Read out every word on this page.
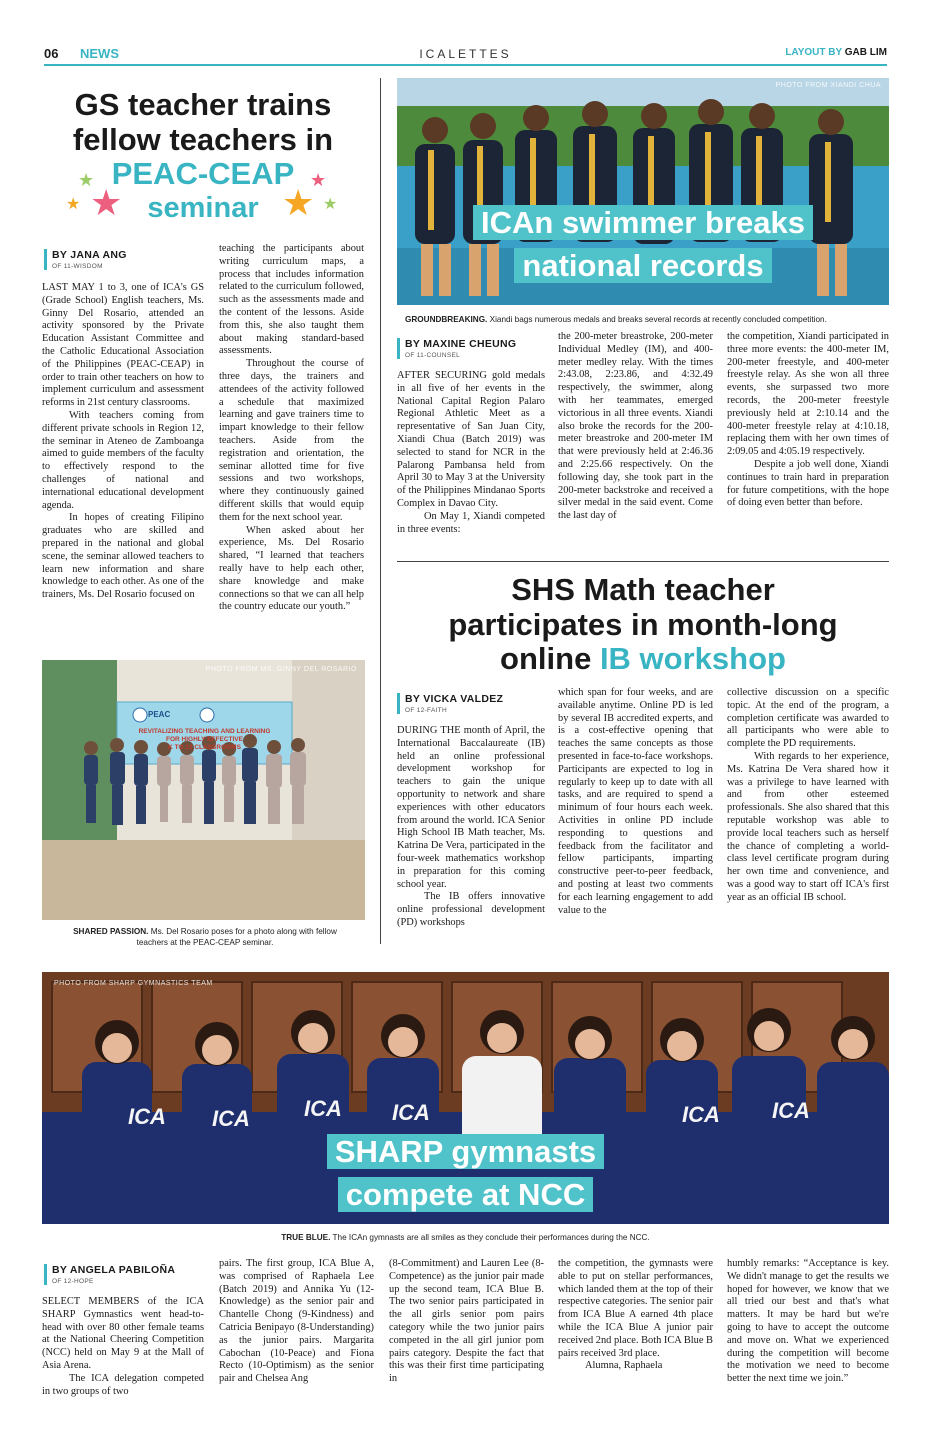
06 NEWS	ICALETTES	LAYOUT BY GAB LIM
GS teacher trains
fellow teachers in
PEAC-CEAP
seminar
★
★ ★
★
★ ★
BY JANA ANG
OF 11-WISDOM

LAST MAY 1 to 3, one of ICA's GS (Grade School) English teachers, Ms. Ginny Del Rosario, attended an activity sponsored by the Private Education Assistant Committee and the Catholic Educational Association of the Philippines (PEAC-CEAP) in order to train other teachers on how to implement curriculum and assessment reforms in 21st century classrooms.

With teachers coming from different private schools in Region 12, the seminar in Ateneo de Zamboanga aimed to guide members of the faculty to effectively respond to the challenges of national and international educational development agenda.

In hopes of creating Filipino graduates who are skilled and prepared in the national and global scene, the seminar allowed teachers to learn new information and share knowledge to each other. As one of the trainers, Ms. Del Rosario focused on

teaching the participants about writing curriculum maps, a process that includes information related to the curriculum followed, such as the assessments made and the content of the lessons. Aside from this, she also taught them about making standard-based assessments.

Throughout the course of three days, the trainers and attendees of the activity followed a schedule that maximized learning and gave trainers time to impart knowledge to their fellow teachers. Aside from the registration and orientation, the seminar allotted time for five sessions and two workshops, where they continuously gained different skills that would equip them for the next school year.

When asked about her experience, Ms. Del Rosario shared, “I learned that teachers really have to help each other, share knowledge and make connections so that we can all help the country educate our youth.”

PHOTO FROM MS. GINNY DEL ROSARIO
PEAC
REVITALIZING TEACHING AND LEARNING
FOR HIGHLY EFFECTIVE
K TO 12 CLASSROOMS
SHARED PASSION. Ms. Del Rosario poses for a photo along with fellow teachers at the PEAC-CEAP seminar.
PHOTO FROM XIANDI CHUA
ICAn swimmer breaks
national records
GROUNDBREAKING. Xiandi bags numerous medals and breaks several records at recently concluded competition.
BY MAXINE CHEUNG
OF 11-COUNSEL

AFTER SECURING gold medals in all five of her events in the National Capital Region Palaro Regional Athletic Meet as a representative of San Juan City, Xiandi Chua (Batch 2019) was selected to stand for NCR in the Palarong Pambansa held from April 30 to May 3 at the University of the Philippines Mindanao Sports Complex in Davao City.

On May 1, Xiandi competed in three events:

the 200-meter breastroke, 200-meter Individual Medley (IM), and 400-meter medley relay. With the times 2:43.08, 2:23.86, and 4:32.49 respectively, the swimmer, along with her teammates, emerged victorious in all three events. Xiandi also broke the records for the 200-meter breastroke and 200-meter IM that were previously held at 2:46.36 and 2:25.66 respectively. On the following day, she took part in the 200-meter backstroke and received a silver medal in the said event. Come the last day of

the competition, Xiandi participated in three more events: the 400-meter IM, 200-meter freestyle, and 400-meter freestyle relay. As she won all three events, she surpassed two more records, the 200-meter freestyle previously held at 2:10.14 and the 400-meter freestyle relay at 4:10.18, replacing them with her own times of 2:09.05 and 4:05.19 respectively.

Despite a job well done, Xiandi continues to train hard in preparation for future competitions, with the hope of doing even better than before.

SHS Math teacher
participates in month-long
online IB workshop
BY VICKA VALDEZ
OF 12-FAITH

DURING THE month of April, the International Baccalaureate (IB) held an online professional development workshop for teachers to gain the unique opportunity to network and share experiences with other educators from around the world. ICA Senior High School IB Math teacher, Ms. Katrina De Vera, participated in the four-week mathematics workshop in preparation for this coming school year.

The IB offers innovative online professional development (PD) workshops

which span for four weeks, and are available anytime. Online PD is led by several IB accredited experts, and is a cost-effective opening that teaches the same concepts as those presented in face-to-face workshops. Participants are expected to log in regularly to keep up to date with all tasks, and are required to spend a minimum of four hours each week. Activities in online PD include responding to questions and feedback from the facilitator and fellow participants, imparting constructive peer-to-peer feedback, and posting at least two comments for each learning engagement to add value to the

collective discussion on a specific topic. At the end of the program, a completion certificate was awarded to all participants who were able to complete the PD requirements.

With regards to her experience, Ms. Katrina De Vera shared how it was a privilege to have learned with and from other esteemed professionals. She also shared that this reputable workshop was able to provide local teachers such as herself the chance of completing a world-class level certificate program during her own time and convenience, and was a good way to start off ICA's first year as an official IB school.

PHOTO FROM SHARP GYMNASTICS TEAM
ICA ICA ICA ICA	ICA ICA
SHARP gymnasts
compete at NCC
TRUE BLUE. The ICAn gymnasts are all smiles as they conclude their performances during the NCC.
BY ANGELA PABILOÑA
OF 12-HOPE

SELECT MEMBERS of the ICA SHARP Gymnastics went head-to-head with over 80 other female teams at the National Cheering Competition (NCC) held on May 9 at the Mall of Asia Arena.

The ICA delegation competed in two groups of two

pairs. The first group, ICA Blue A, was comprised of Raphaela Lee (Batch 2019) and Annika Yu (12- Knowledge) as the senior pair and Chantelle Chong (9-Kindness) and Catricia Benipayo (8-Understanding) as the junior pairs. Margarita Cabochan (10-Peace) and Fiona Recto (10-Optimism) as the senior pair and Chelsea Ang

(8-Commitment) and Lauren Lee (8-Competence) as the junior pair made up the second team, ICA Blue B. The two senior pairs participated in the all girls senior pom pairs category while the two junior pairs competed in the all girl junior pom pairs category. Despite the fact that this was their first time participating in

the competition, the gymnasts were able to put on stellar performances, which landed them at the top of their respective categories. The senior pair from ICA Blue A earned 4th place while the ICA Blue A junior pair received 2nd place. Both ICA Blue B pairs received 3rd place.

Alumna, Raphaela

humbly remarks: “Acceptance is key. We didn't manage to get the results we hoped for however, we know that we all tried our best and that's what matters. It may be hard but we're going to have to accept the outcome and move on. What we experienced during the competition will become the motivation we need to become better the next time we join.”
